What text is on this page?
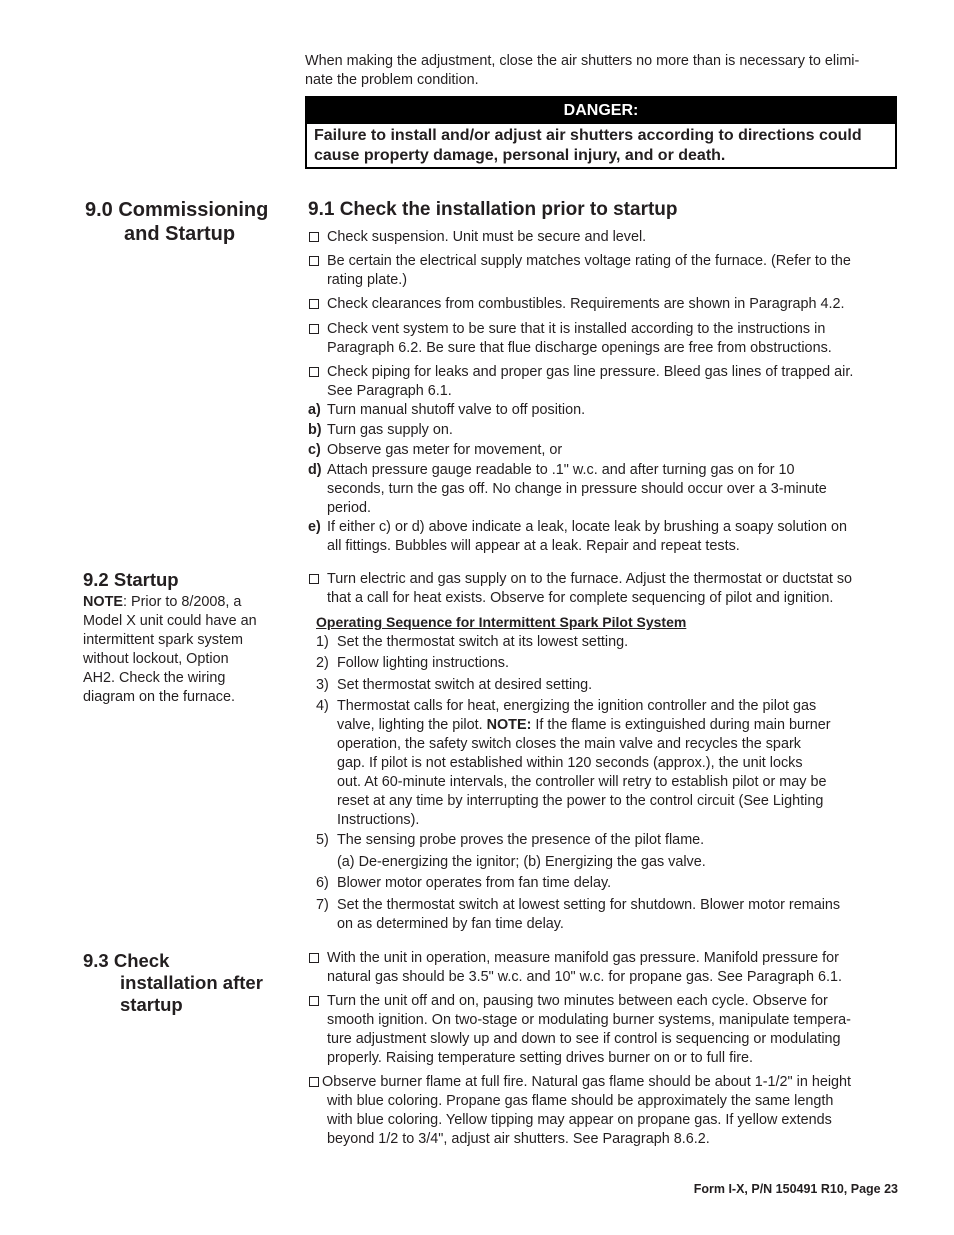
When making the adjustment, close the air shutters no more than is necessary to elimi-

nate the problem condition.

DANGER:

Failure to install and/or adjust air shutters according to directions could

cause property damage, personal injury, and or death.

9.0 Commissioning
and Startup
9.1 Check the installation prior to startup

Check suspension. Unit must be secure and level.

Be certain the electrical supply matches voltage rating of the furnace. (Refer to the

rating plate.)

Check clearances from combustibles. Requirements are shown in Paragraph 4.2.

Check vent system to be sure that it is installed according to the instructions in

Paragraph 6.2. Be sure that flue discharge openings are free from obstructions.

Check piping for leaks and proper gas line pressure. Bleed gas lines of trapped air.

See Paragraph 6.1.

a) Turn manual shutoff valve to off position.

b) Turn gas supply on.

c) Observe gas meter for movement, or

d) Attach pressure gauge readable to .1" w.c. and after turning gas on for 10

seconds, turn the gas off. No change in pressure should occur over a 3-minute

period.

e) If either c) or d) above indicate a leak, locate leak by brushing a soapy solution on

all fittings. Bubbles will appear at a leak. Repair and repeat tests.

9.2 Startup

NOTE: Prior to 8/2008, a

Model X unit could have an

intermittent spark system

without lockout, Option

AH2. Check the wiring

diagram on the furnace.

Turn electric and gas supply on to the furnace. Adjust the thermostat or ductstat so

that a call for heat exists. Observe for complete sequencing of pilot and ignition.

Operating Sequence for Intermittent Spark Pilot System
1) Set the thermostat switch at its lowest setting.

2) Follow lighting instructions.

3) Set thermostat switch at desired setting.

4) Thermostat calls for heat, energizing the ignition controller and the pilot gas

valve, lighting the pilot. NOTE: If the flame is extinguished during main burner

operation, the safety switch closes the main valve and recycles the spark

gap. If pilot is not established within 120 seconds (approx.), the unit locks

out. At 60-minute intervals, the controller will retry to establish pilot or may be

reset at any time by interrupting the power to the control circuit (See Lighting

Instructions).

5) The sensing probe proves the presence of the pilot flame.

(a) De-energizing the ignitor; (b) Energizing the gas valve.
6) Blower motor operates from fan time delay.

7) Set the thermostat switch at lowest setting for shutdown. Blower motor remains

on as determined by fan time delay.

9.3 Check
installation after
startup

With the unit in operation, measure manifold gas pressure. Manifold pressure for

natural gas should be 3.5" w.c. and 10" w.c. for propane gas. See Paragraph 6.1.

Turn the unit off and on, pausing two minutes between each cycle. Observe for

smooth ignition. On two-stage or modulating burner systems, manipulate tempera-

ture adjustment slowly up and down to see if control is sequencing or modulating

properly. Raising temperature setting drives burner on or to full fire.

Observe burner flame at full fire. Natural gas flame should be about 1-1/2" in height

with blue coloring. Propane gas flame should be approximately the same length

with blue coloring. Yellow tipping may appear on propane gas. If yellow extends

beyond 1/2 to 3/4", adjust air shutters. See Paragraph 8.6.2.

Form I-X, P/N 150491 R10, Page 23
